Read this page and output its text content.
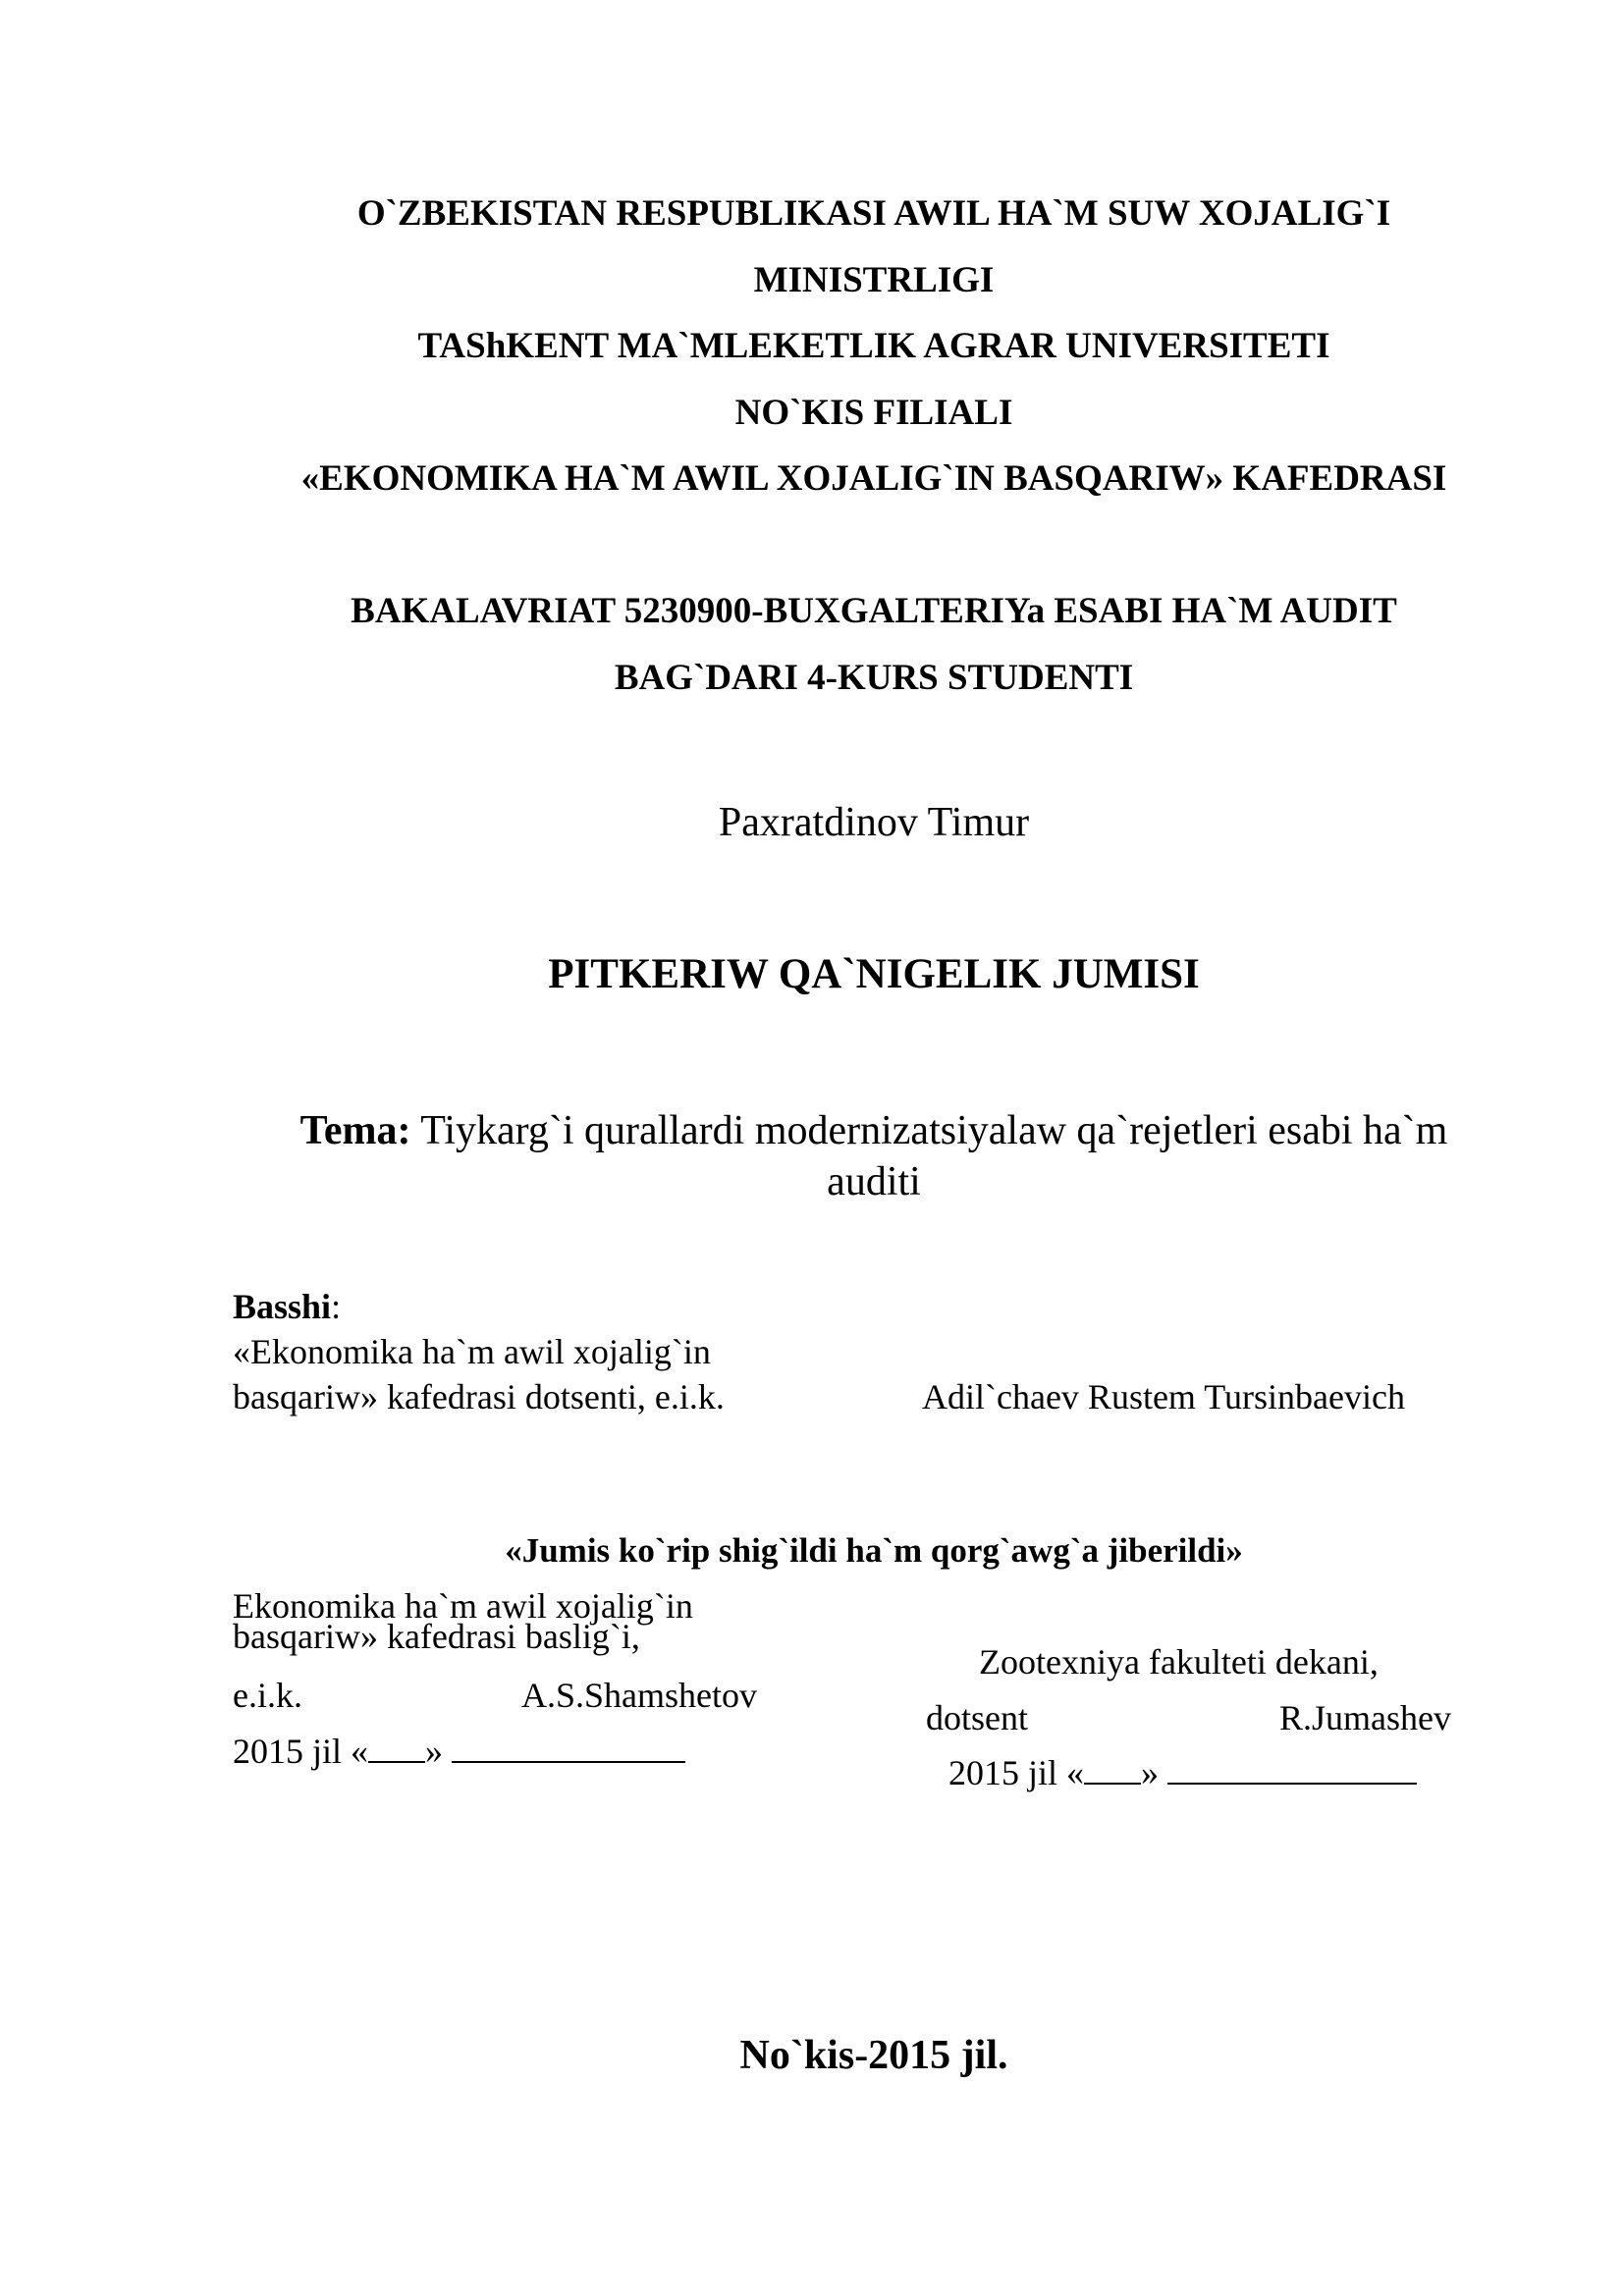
O`ZBEKISTAN RESPUBLIKASI AWIL HA`M SUW XOJALIG`I
MINISTRLIGI
TAShKENT MA`MLEKETLIK AGRAR UNIVERSITETI
NO`KIS FILIALI
«EKONOMIKA HA`M AWIL XOJALIG`IN BASQARIW» KAFEDRASI
BAKALAVRIAT 5230900-BUXGALTERIYa ESABI HA`M AUDIT
BAG`DARI 4-KURS STUDENTI
Paxratdinov Timur
PITKERIW QA`NIGELIK JUMISI
Tema: Tiykarg`i qurallardi modernizatsiyalaw qa`rejetleri esabi ha`m auditi
Basshi:
«Ekonomika ha`m awil xojalig`in
basqariw» kafedrasi dotsenti, e.i.k.	Adil`chaev Rustem Tursinbaevich
«Jumis ko`rip shig`ildi ha`m qorg`awg`a jiberildi»
Ekonomika ha`m awil xojalig`in
basqariw» kafedrasi baslig`i,
e.i.k.	A.S.Shamshetov
2015 jil « »
Zootexniya fakulteti dekani,
dotsent	R.Jumashev
2015 jil « »
No`kis-2015 jil.
